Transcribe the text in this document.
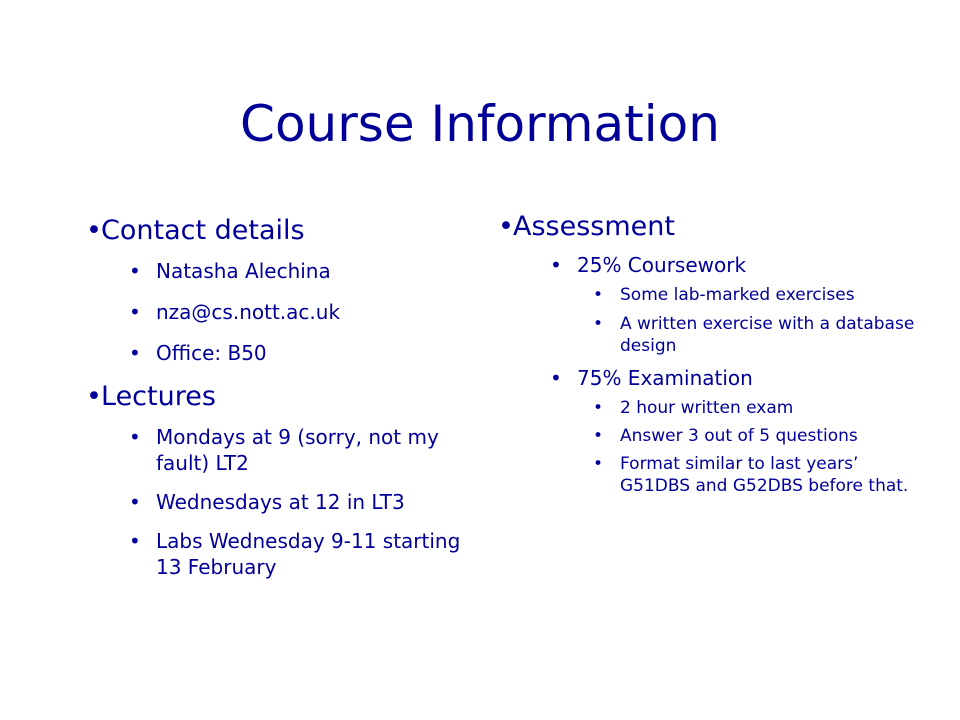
Course Information
• Contact details
• Natasha Alechina
• nza@cs.nott.ac.uk
• Office: B50
• Lectures
• Mondays at 9 (sorry, not my fault) LT2
• Wednesdays at 12 in LT3
• Labs Wednesday 9-11 starting 13 February
• Assessment
• 25% Coursework
• Some lab-marked exercises
• A written exercise with a database design
• 75% Examination
• 2 hour written exam
• Answer 3 out of 5 questions
• Format similar to last years’ G51DBS and G52DBS before that.
